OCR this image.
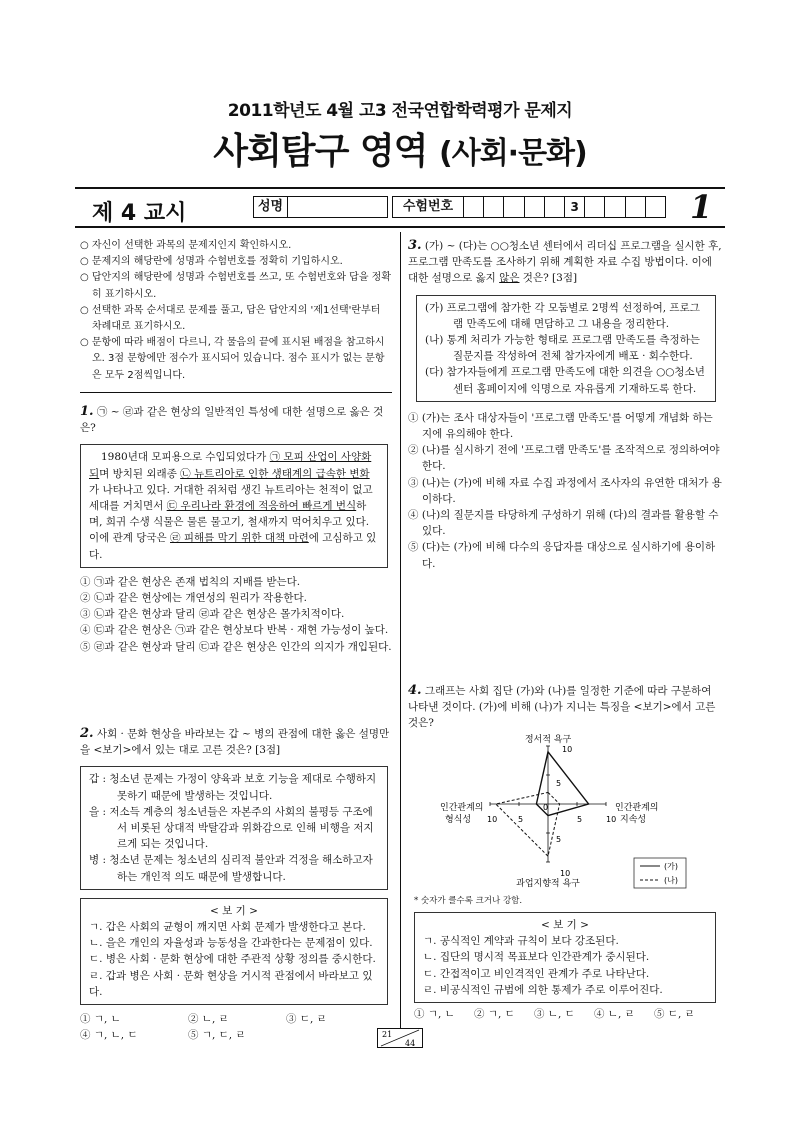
2011학년도 4월 고3 전국연합학력평가 문제지
사회탐구 영역 (사회·문화)
제 4 교시	성명	수험번호	3	1
○ 자신이 선택한 과목의 문제지인지 확인하시오.
○ 문제지의 해당란에 성명과 수험번호를 정확히 기입하시오.
○ 답안지의 해당란에 성명과 수험번호를 쓰고, 또 수험번호와 답을 정확히 표기하시오.
○ 선택한 과목 순서대로 문제를 풀고, 답은 답안지의 '제1선택'란부터 차례대로 표기하시오.
○ 문항에 따라 배점이 다르니, 각 물음의 끝에 표시된 배점을 참고하시오. 3점 문항에만 점수가 표시되어 있습니다. 점수 표시가 없는 문항은 모두 2점씩입니다.
1. ㉠ ~ ㉣과 같은 현상의 일반적인 특성에 대한 설명으로 옳은 것은?
1980년대 모피용으로 수입되었다가 ㉠ 모피 산업이 사양화되며 방치된 외래종 ㉡ 뉴트리아로 인한 생태계의 급속한 변화가 나타나고 있다. 거대한 쥐처럼 생긴 뉴트리아는 천적이 없고 세대를 거치면서 ㉢ 우리나라 환경에 적응하여 빠르게 번식하며, 희귀 수생 식물은 물론 물고기, 철새까지 먹어치우고 있다. 이에 관계 당국은 ㉣ 피해를 막기 위한 대책 마련에 고심하고 있다.
① ㉠과 같은 현상은 존재 법칙의 지배를 받는다.
② ㉡과 같은 현상에는 개연성의 원리가 작용한다.
③ ㉡과 같은 현상과 달리 ㉣과 같은 현상은 몰가치적이다.
④ ㉢과 같은 현상은 ㉠과 같은 현상보다 반복 · 재현 가능성이 높다.
⑤ ㉣과 같은 현상과 달리 ㉢과 같은 현상은 인간의 의지가 개입된다.
2. 사회 · 문화 현상을 바라보는 갑 ~ 병의 관점에 대한 옳은 설명만을 <보기>에서 있는 대로 고른 것은? [3점]
갑 : 청소년 문제는 가정이 양육과 보호 기능을 제대로 수행하지 못하기 때문에 발생하는 것입니다.
을 : 저소득 계층의 청소년들은 자본주의 사회의 불평등 구조에서 비롯된 상대적 박탈감과 위화감으로 인해 비행을 저지르게 되는 것입니다.
병 : 청소년 문제는 청소년의 심리적 불안과 걱정을 해소하고자 하는 개인적 의도 때문에 발생합니다.
< 보 기 >
ㄱ. 갑은 사회의 균형이 깨지면 사회 문제가 발생한다고 본다.
ㄴ. 을은 개인의 자율성과 능동성을 간과한다는 문제점이 있다.
ㄷ. 병은 사회 · 문화 현상에 대한 주관적 상황 정의를 중시한다.
ㄹ. 갑과 병은 사회 · 문화 현상을 거시적 관점에서 바라보고 있다.
① ㄱ, ㄴ	② ㄴ, ㄹ	③ ㄷ, ㄹ
④ ㄱ, ㄴ, ㄷ	⑤ ㄱ, ㄷ, ㄹ
3. (가) ~ (다)는 ○○청소년 센터에서 리더십 프로그램을 실시한 후, 프로그램 만족도를 조사하기 위해 계획한 자료 수집 방법이다. 이에 대한 설명으로 옳지 않은 것은? [3점]
(가) 프로그램에 참가한 각 모둠별로 2명씩 선정하여, 프로그램 만족도에 대해 면담하고 그 내용을 정리한다.
(나) 통계 처리가 가능한 형태로 프로그램 만족도를 측정하는 질문지를 작성하여 전체 참가자에게 배포 · 회수한다.
(다) 참가자들에게 프로그램 만족도에 대한 의견을 ○○청소년 센터 홈페이지에 익명으로 자유롭게 기재하도록 한다.
① (가)는 조사 대상자들이 '프로그램 만족도'를 어떻게 개념화 하는지에 유의해야 한다.
② (나)를 실시하기 전에 '프로그램 만족도'를 조작적으로 정의하여야 한다.
③ (나)는 (가)에 비해 자료 수집 과정에서 조사자의 유연한 대처가 용이하다.
④ (나)의 질문지를 타당하게 구성하기 위해 (다)의 결과를 활용할 수 있다.
⑤ (다)는 (가)에 비해 다수의 응답자를 대상으로 실시하기에 용이하다.
4. 그래프는 사회 집단 (가)와 (나)를 일정한 기준에 따라 구분하여 나타낸 것이다. (가)에 비해 (나)가 지니는 특징을 <보기>에서 고른 것은?
정서적 욕구
인간관계의
형식성
인간관계의
지속성
과업지향적 욕구
10
5
5
10
10	5
0
5	10
(가)
(나)
* 숫자가 클수록 크거나 강함.
< 보 기 >
ㄱ. 공식적인 계약과 규칙이 보다 강조된다.
ㄴ. 집단의 명시적 목표보다 인간관계가 중시된다.
ㄷ. 간접적이고 비인격적인 관계가 주로 나타난다.
ㄹ. 비공식적인 규범에 의한 통제가 주로 이루어진다.
① ㄱ, ㄴ	② ㄱ, ㄷ	③ ㄴ, ㄷ	④ ㄴ, ㄹ	⑤ ㄷ, ㄹ
21
44
